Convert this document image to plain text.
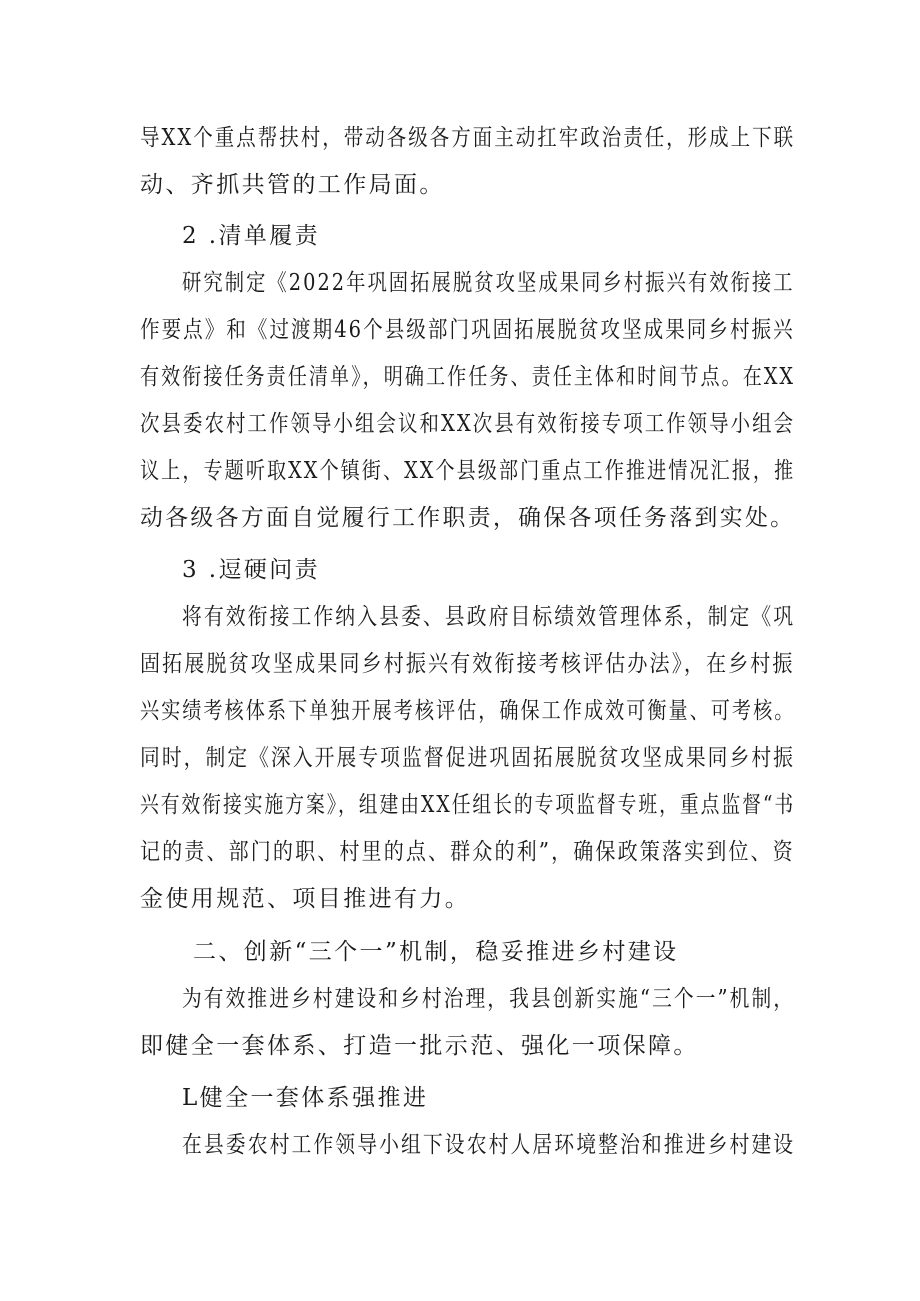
导XX个重点帮扶村，带动各级各方面主动扛牢政治责任，形成上下联
动、齐抓共管的工作局面。
2 .清单履责
研究制定《2022年巩固拓展脱贫攻坚成果同乡村振兴有效衔接工
作要点》和《过渡期46个县级部门巩固拓展脱贫攻坚成果同乡村振兴
有效衔接任务责任清单》，明确工作任务、责任主体和时间节点。在XX
次县委农村工作领导小组会议和XX次县有效衔接专项工作领导小组会
议上，专题听取XX个镇街、XX个县级部门重点工作推进情况汇报，推
动各级各方面自觉履行工作职责，确保各项任务落到实处。
3 .逗硬问责
将有效衔接工作纳入县委、县政府目标绩效管理体系，制定《巩
固拓展脱贫攻坚成果同乡村振兴有效衔接考核评估办法》，在乡村振
兴实绩考核体系下单独开展考核评估，确保工作成效可衡量、可考核。
同时，制定《深入开展专项监督促进巩固拓展脱贫攻坚成果同乡村振
兴有效衔接实施方案》，组建由XX任组长的专项监督专班，重点监督“书
记的责、部门的职、村里的点、群众的利”，确保政策落实到位、资
金使用规范、项目推进有力。
二、创新“三个一”机制，稳妥推进乡村建设
为有效推进乡村建设和乡村治理，我县创新实施“三个一”机制，
即健全一套体系、打造一批示范、强化一项保障。
L健全一套体系强推进
在县委农村工作领导小组下设农村人居环境整治和推进乡村建设
